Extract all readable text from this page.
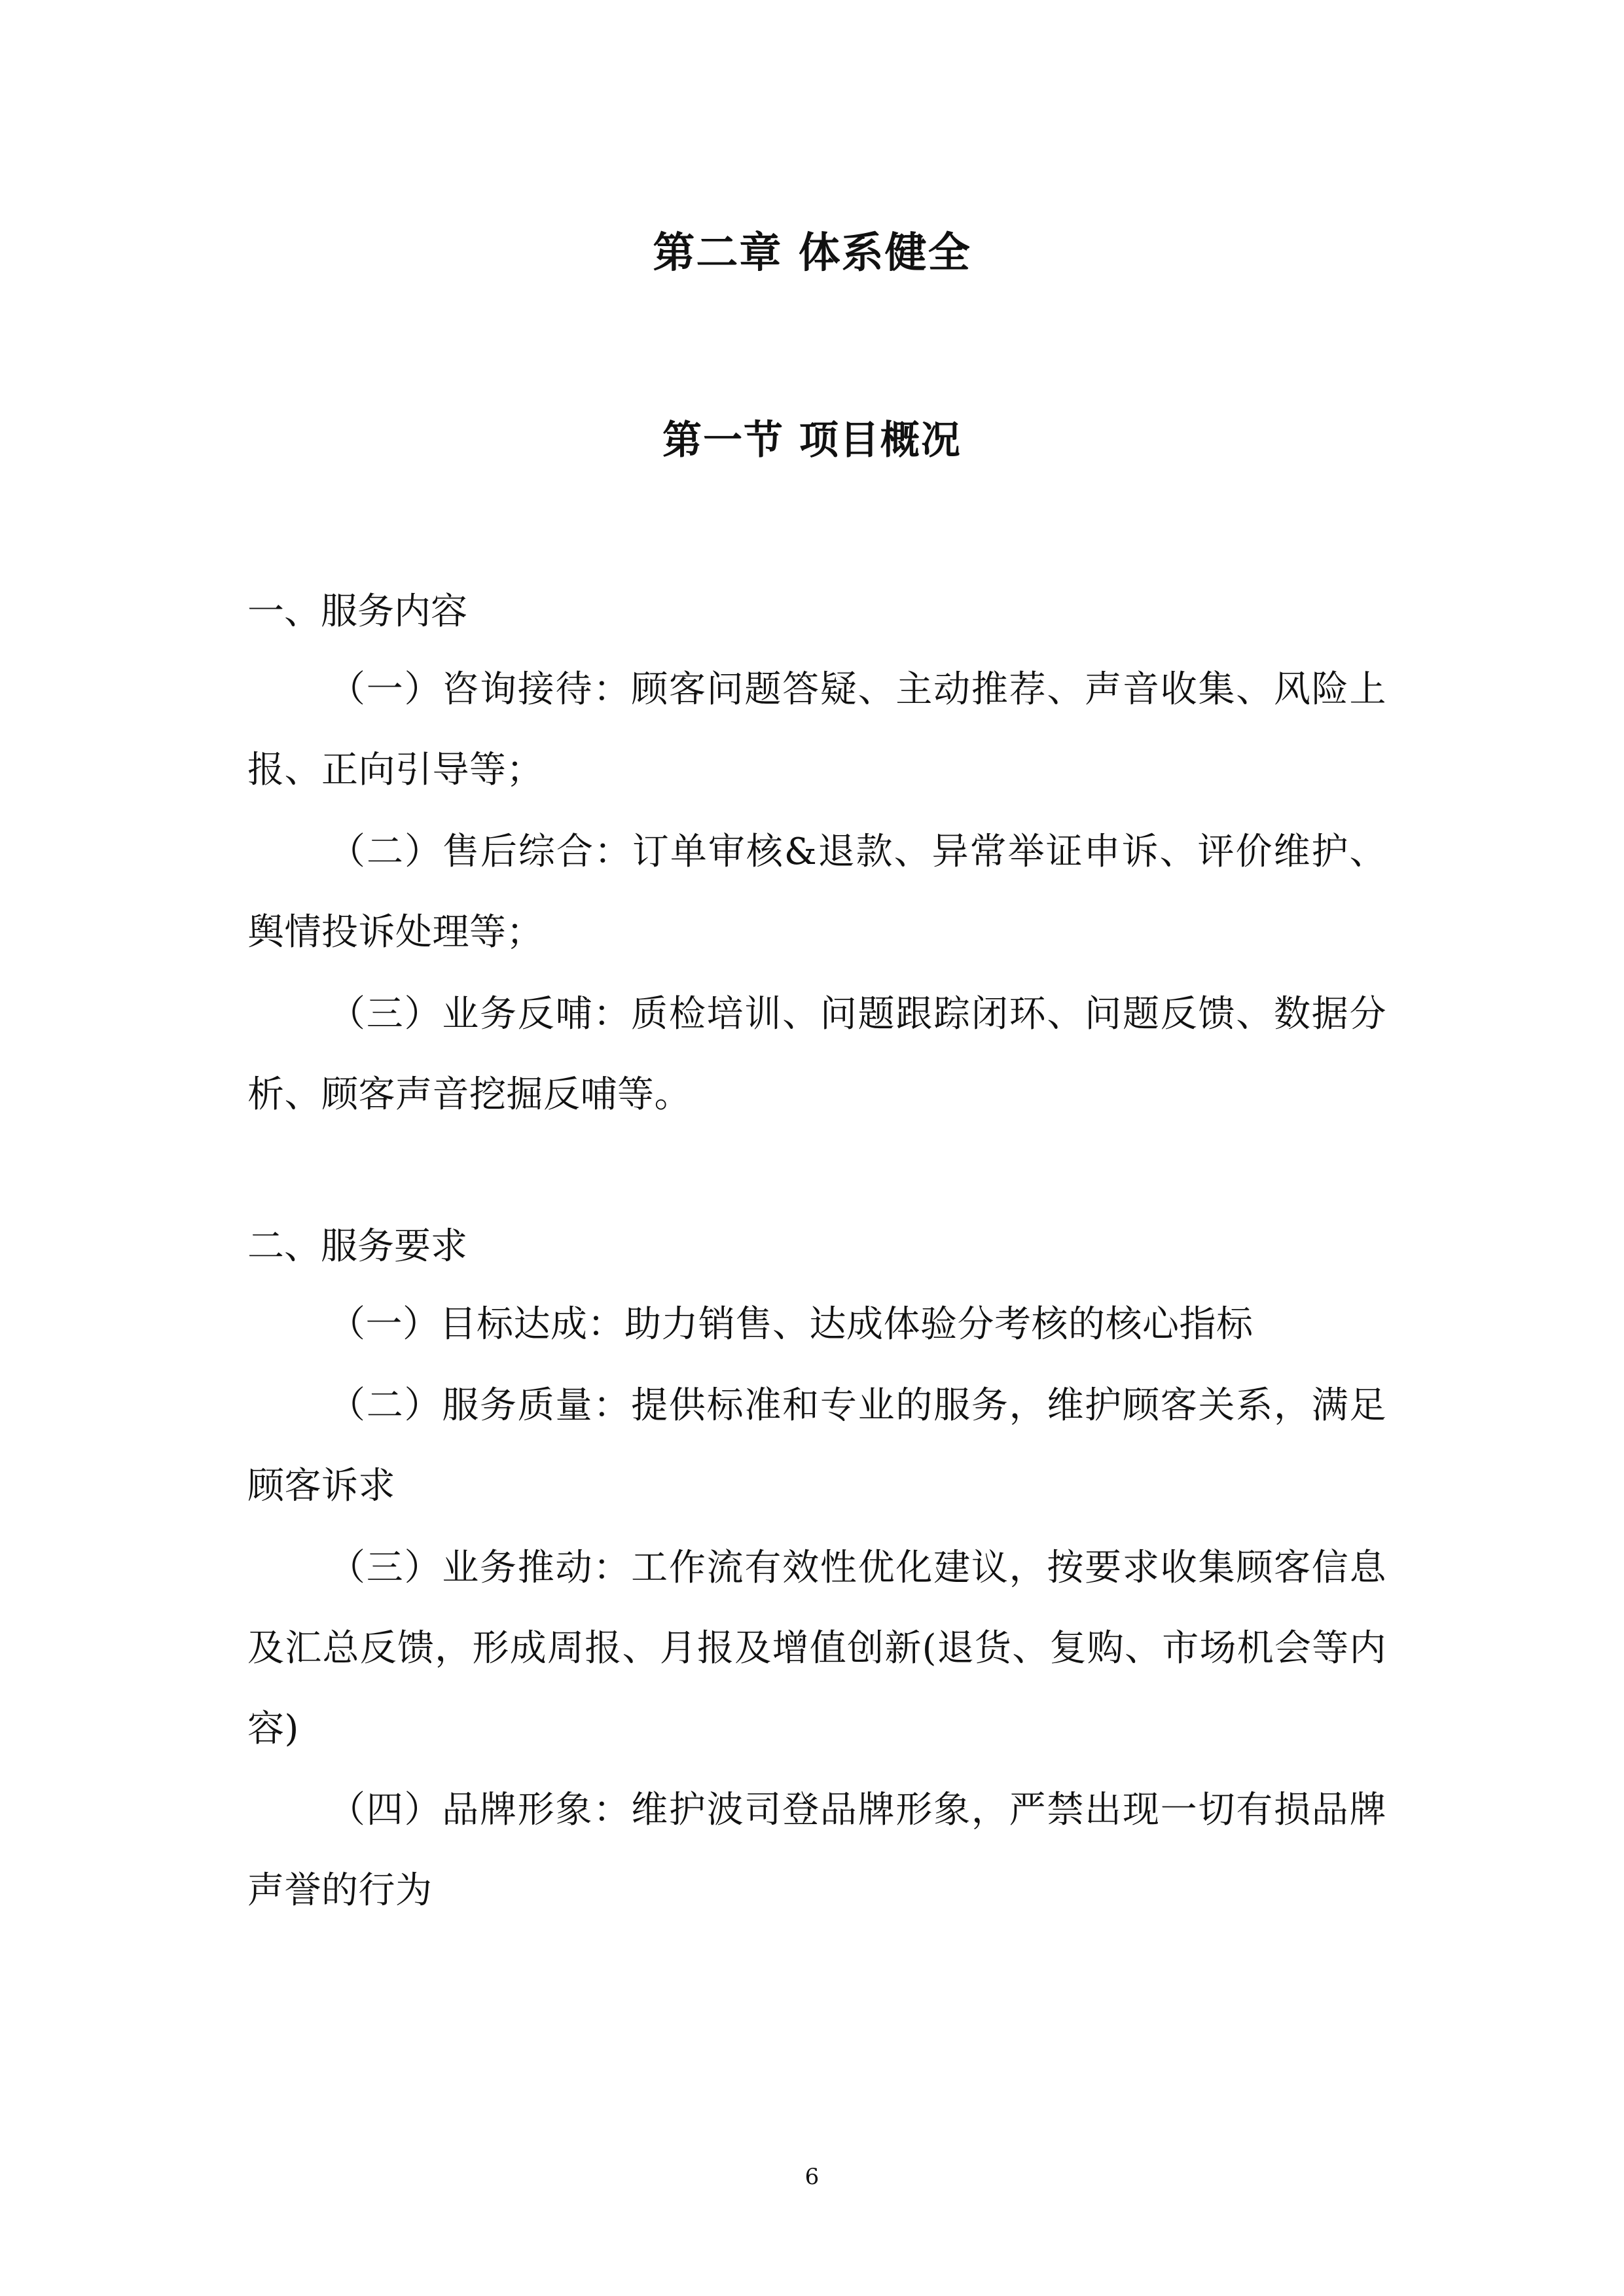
第二章 体系健全
第一节 项目概况

一、服务内容

（一）咨询接待：顾客问题答疑、主动推荐、声音收集、风险上报、正向引导等；

（二）售后综合：订单审核&退款、异常举证申诉、评价维护、舆情投诉处理等；

（三）业务反哺：质检培训、问题跟踪闭环、问题反馈、数据分析、顾客声音挖掘反哺等。

二、服务要求

（一）目标达成：助力销售、达成体验分考核的核心指标

（二）服务质量：提供标准和专业的服务，维护顾客关系，满足顾客诉求

（三）业务推动：工作流有效性优化建议，按要求收集顾客信息及汇总反馈，形成周报、月报及增值创新(退货、复购、市场机会等内容)

（四）品牌形象：维护波司登品牌形象，严禁出现一切有损品牌声誉的行为

6
